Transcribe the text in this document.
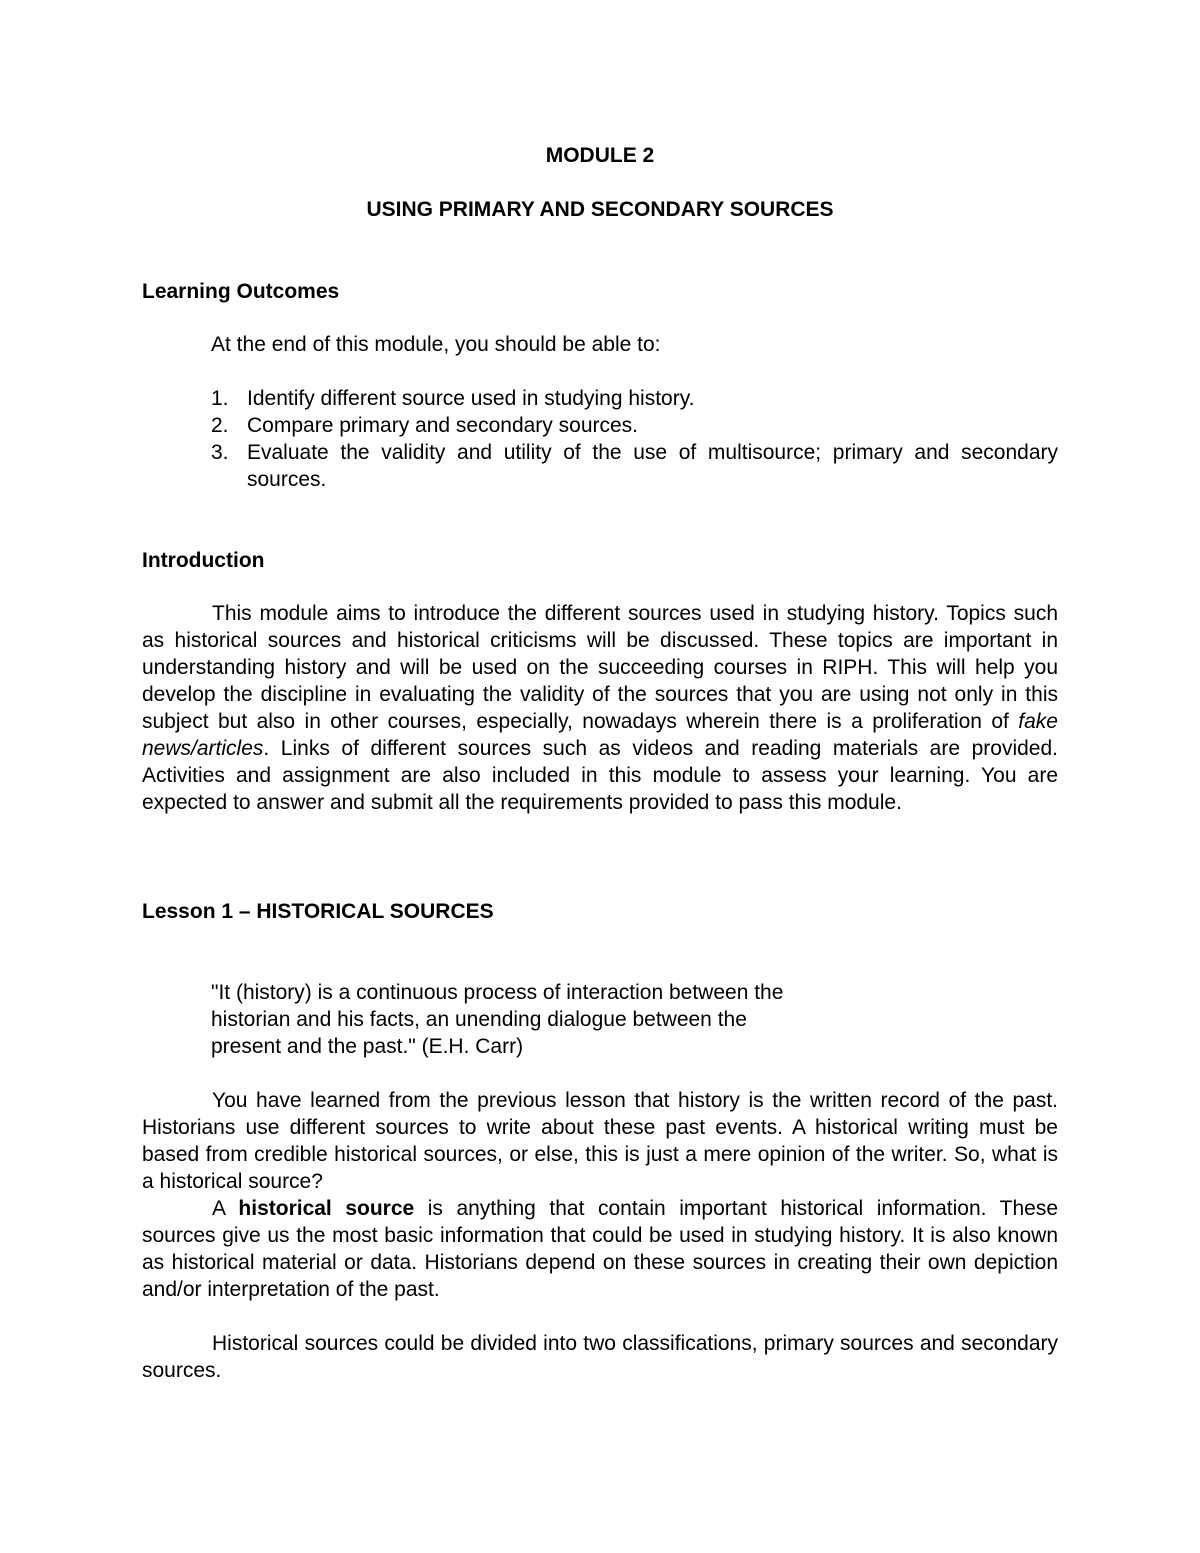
MODULE 2

USING PRIMARY AND SECONDARY SOURCES

Learning Outcomes

At the end of this module, you should be able to:

1. Identify different source used in studying history.
2. Compare primary and secondary sources.
3. Evaluate the validity and utility of the use of multisource; primary and secondary sources.

Introduction

This module aims to introduce the different sources used in studying history. Topics such as historical sources and historical criticisms will be discussed. These topics are important in understanding history and will be used on the succeeding courses in RIPH. This will help you develop the discipline in evaluating the validity of the sources that you are using not only in this subject but also in other courses, especially, nowadays wherein there is a proliferation of fake news/articles. Links of different sources such as videos and reading materials are provided. Activities and assignment are also included in this module to assess your learning. You are expected to answer and submit all the requirements provided to pass this module.

Lesson 1 – HISTORICAL SOURCES

"It (history) is a continuous process of interaction between the

historian and his facts, an unending dialogue between the

present and the past." (E.H. Carr)

You have learned from the previous lesson that history is the written record of the past. Historians use different sources to write about these past events. A historical writing must be based from credible historical sources, or else, this is just a mere opinion of the writer. So, what is a historical source?

A historical source is anything that contain important historical information. These sources give us the most basic information that could be used in studying history. It is also known as historical material or data. Historians depend on these sources in creating their own depiction and/or interpretation of the past.

Historical sources could be divided into two classifications, primary sources and secondary sources.
